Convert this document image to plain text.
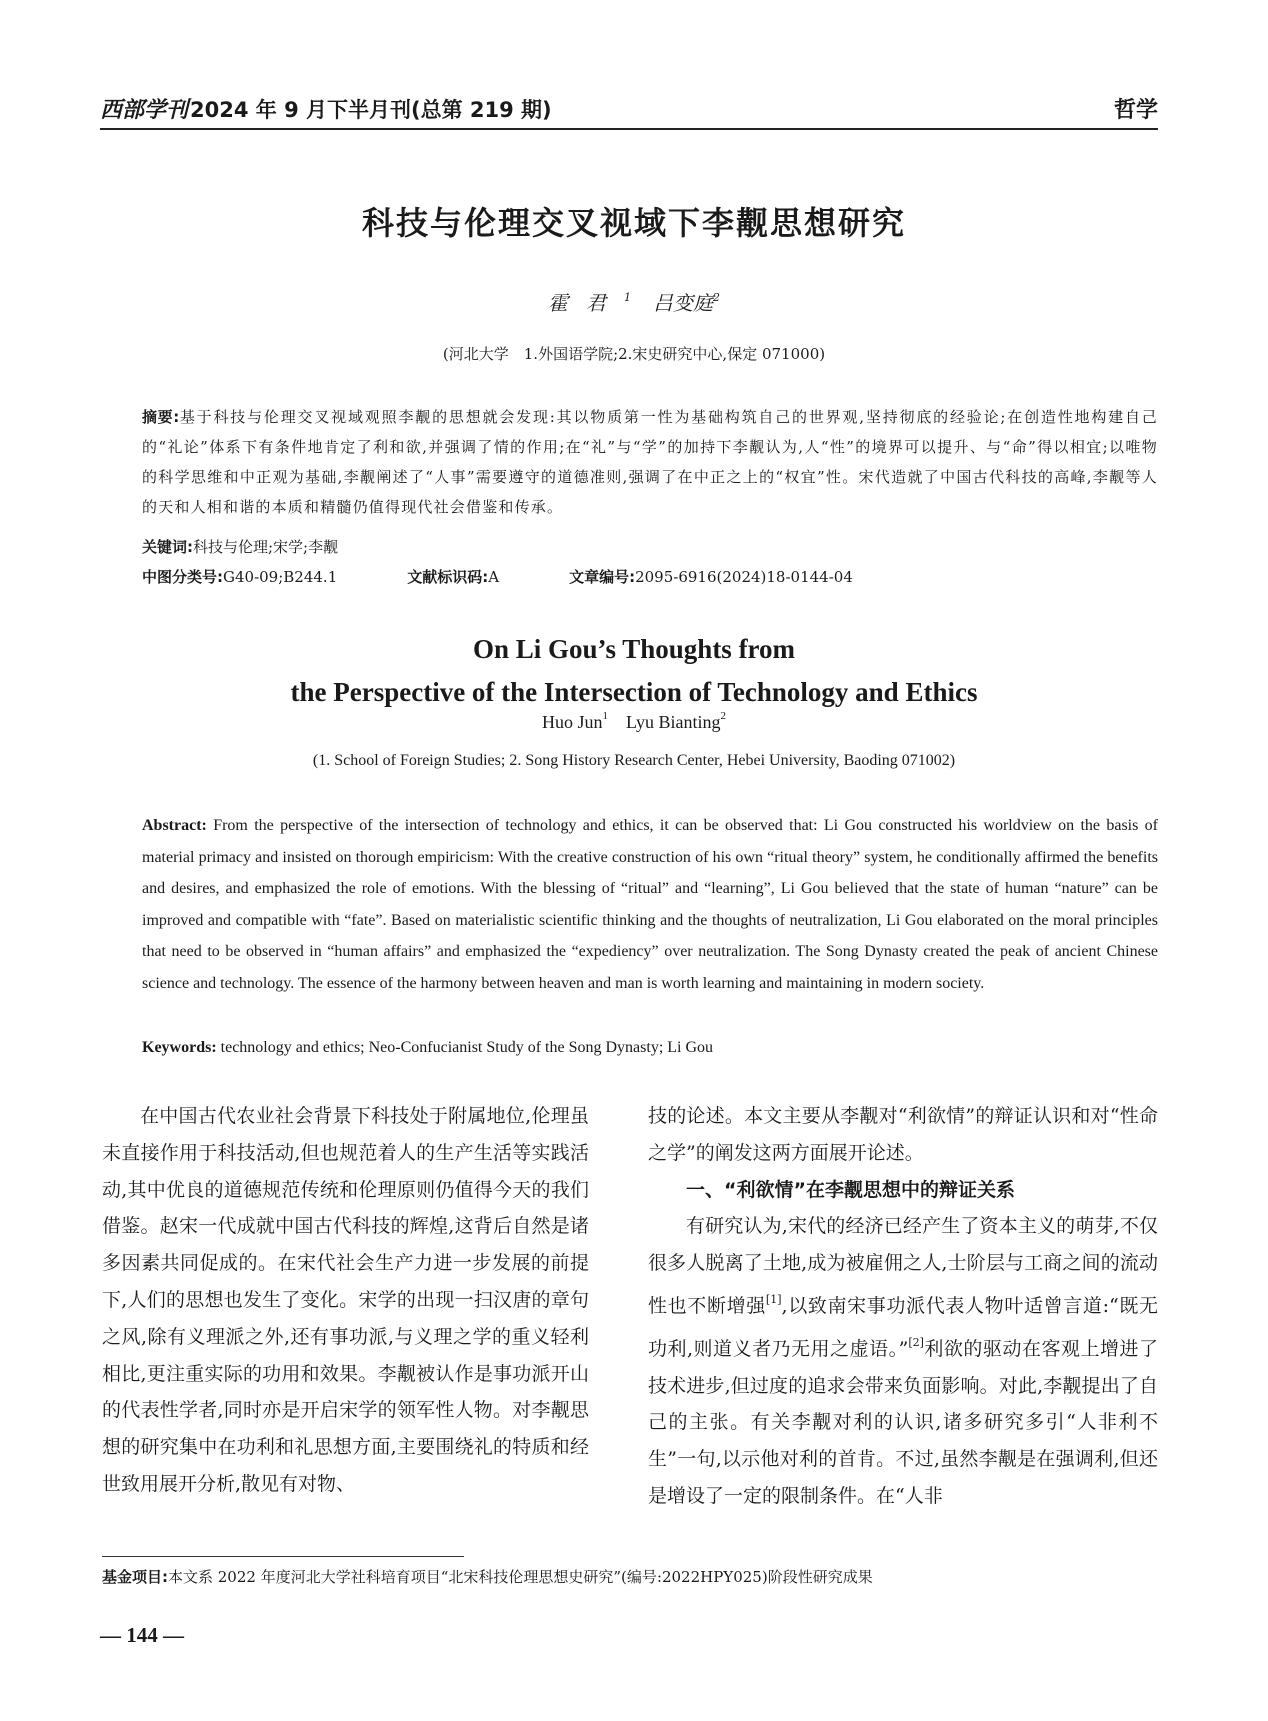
西部学刊 2024 年 9 月下半月刊(总第 219 期)	哲学
科技与伦理交叉视域下李觏思想研究
霍君$^1$ 吕变庭$^2$
(河北大学　1.外国语学院;2.宋史研究中心,保定 071000)
摘要:基于科技与伦理交叉视域观照李觏的思想就会发现:其以物质第一性为基础构筑自己的世界观,坚持彻底的经验论;在创造性地构建自己的“礼论”体系下有条件地肯定了利和欲,并强调了情的作用;在“礼”与“学”的加持下李觏认为,人“性”的境界可以提升、与“命”得以相宜;以唯物的科学思维和中正观为基础,李觏阐述了“人事”需要遵守的道德准则,强调了在中正之上的“权宜”性。宋代造就了中国古代科技的高峰,李觏等人的天和人相和谐的本质和精髓仍值得现代社会借鉴和传承。
关键词:科技与伦理;宋学;李觏
中图分类号:G40-09;B244.1	文献标识码:A	文章编号:2095-6916(2024)18-0144-04
On Li Gou’s Thoughts from
the Perspective of the Intersection of Technology and Ethics
Huo Jun$^1$ Lyu Bianting$^2$
(1. School of Foreign Studies; 2. Song History Research Center, Hebei University, Baoding 071002)
Abstract: From the perspective of the intersection of technology and ethics, it can be observed that: Li Gou constructed his worldview on the basis of material primacy and insisted on thorough empiricism: With the creative construction of his own “ritual theory” system, he conditionally affirmed the benefits and desires, and emphasized the role of emotions. With the blessing of “ritual” and “learning”, Li Gou believed that the state of human “nature” can be improved and compatible with “fate”. Based on materialistic scientific thinking and the thoughts of neutralization, Li Gou elaborated on the moral principles that need to be observed in “human affairs” and emphasized the “expediency” over neutralization. The Song Dynasty created the peak of ancient Chinese science and technology. The essence of the harmony between heaven and man is worth learning and maintaining in modern society.
Keywords: technology and ethics; Neo-Confucianist Study of the Song Dynasty; Li Gou

在中国古代农业社会背景下科技处于附属地位,伦理虽未直接作用于科技活动,但也规范着人的生产生活等实践活动,其中优良的道德规范传统和伦理原则仍值得今天的我们借鉴。赵宋一代成就中国古代科技的辉煌,这背后自然是诸多因素共同促成的。在宋代社会生产力进一步发展的前提下,人们的思想也发生了变化。宋学的出现一扫汉唐的章句之风,除有义理派之外,还有事功派,与义理之学的重义轻利相比,更注重实际的功用和效果。李觏被认作是事功派开山的代表性学者,同时亦是开启宋学的领军性人物。对李觏思想的研究集中在功利和礼思想方面,主要围绕礼的特质和经世致用展开分析,散见有对物、

技的论述。本文主要从李觏对“利欲情”的辩证认识和对“性命之学”的阐发这两方面展开论述。

一、“利欲情”在李觏思想中的辩证关系

有研究认为,宋代的经济已经产生了资本主义的萌芽,不仅很多人脱离了土地,成为被雇佣之人,士阶层与工商之间的流动性也不断增强[1],以致南宋事功派代表人物叶适曾言道:“既无功利,则道义者乃无用之虚语。”[2]利欲的驱动在客观上增进了技术进步,但过度的追求会带来负面影响。对此,李觏提出了自己的主张。有关李觏对利的认识,诸多研究多引“人非利不生”一句,以示他对利的首肯。不过,虽然李觏是在强调利,但还是增设了一定的限制条件。在“人非

基金项目:本文系 2022 年度河北大学社科培育项目“北宋科技伦理思想史研究”(编号:2022HPY025)阶段性研究成果
— 144 —
